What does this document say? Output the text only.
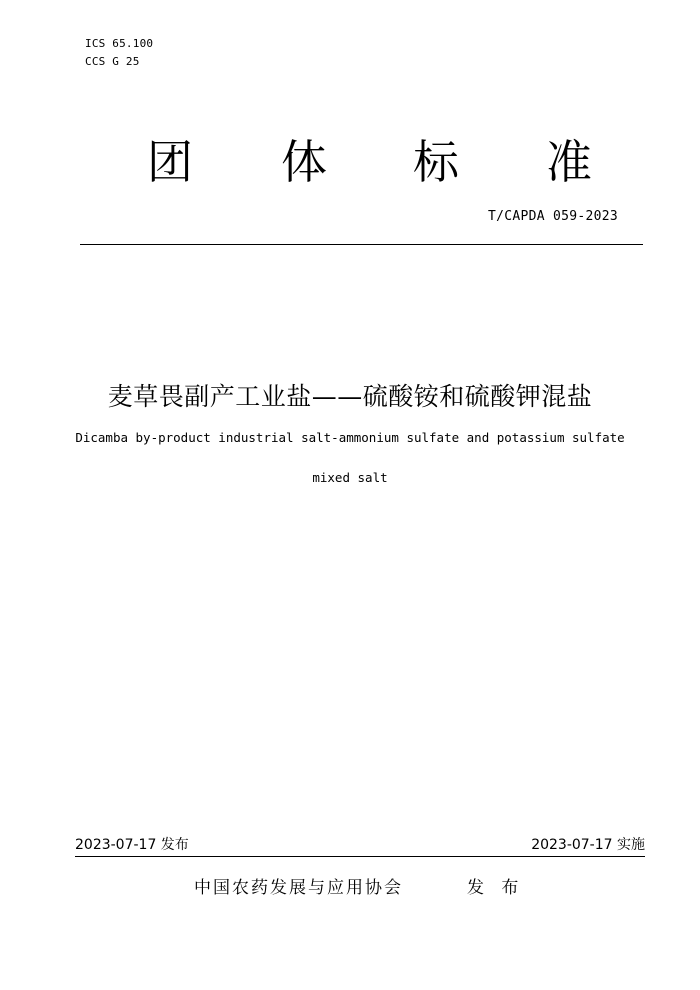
ICS 65.100
CCS G 25
团 体 标 准
T/CAPDA 059-2023
麦草畏副产工业盐——硫酸铵和硫酸钾混盐
Dicamba by-product industrial salt-ammonium sulfate and potassium sulfate
mixed salt
2023-07-17 发布	2023-07-17 实施
中国农药发展与应用协会	发 布
